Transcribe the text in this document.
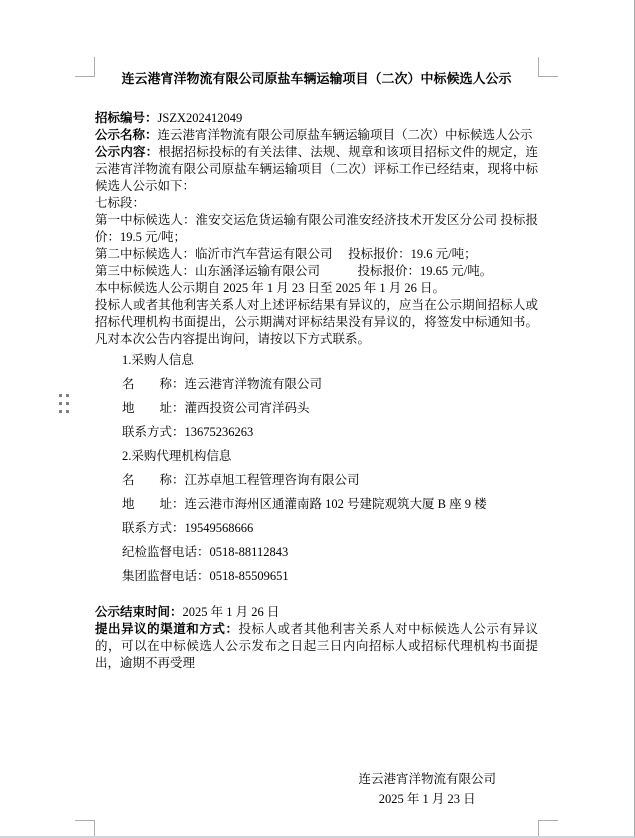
连云港宵洋物流有限公司原盐车辆运输项目（二次）中标候选人公示

招标编号：JSZX202412049

公示名称：连云港宵洋物流有限公司原盐车辆运输项目（二次）中标候选人公示

公示内容：根据招标投标的有关法律、法规、规章和该项目招标文件的规定，连云港宵洋物流有限公司原盐车辆运输项目（二次）评标工作已经结束，现将中标候选人公示如下：

七标段：

第一中标候选人：淮安交运危货运输有限公司淮安经济技术开发区分公司 投标报价：19.5 元/吨；

第二中标候选人：临沂市汽车营运有限公司　 投标报价：19.6 元/吨；

第三中标候选人：山东涵泽运输有限公司　　　投标报价：19.65 元/吨。

本中标候选人公示期自 2025 年 1 月 23 日至 2025 年 1 月 26 日。

投标人或者其他利害关系人对上述评标结果有异议的，应当在公示期间招标人或招标代理机构书面提出，公示期满对评标结果没有异议的，将签发中标通知书。凡对本次公告内容提出询问，请按以下方式联系。

1.采购人信息

名　　称：连云港宵洋物流有限公司

地　　址：灌西投资公司宵洋码头

联系方式：13675236263

2.采购代理机构信息

名　　称：江苏卓旭工程管理咨询有限公司

地　　址：连云港市海州区通灌南路 102 号建院观筑大厦 B 座 9 楼

联系方式：19549568666

纪检监督电话：0518-88112843

集团监督电话：0518-85509651

公示结束时间：2025 年 1 月 26 日

提出异议的渠道和方式：投标人或者其他利害关系人对中标候选人公示有异议的，可以在中标候选人公示发布之日起三日内向招标人或招标代理机构书面提出，逾期不再受理

连云港宵洋物流有限公司
2025 年 1 月 23 日
